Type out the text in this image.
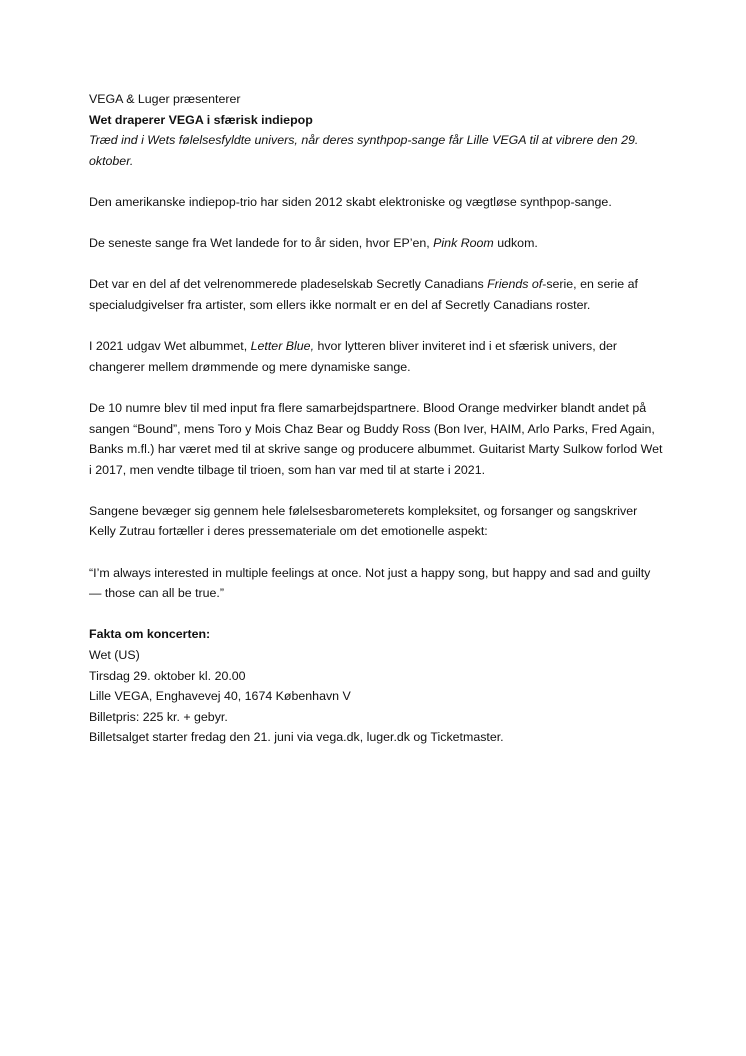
VEGA & Luger præsenterer

Wet draperer VEGA i sfærisk indiepop

Træd ind i Wets følelsesfyldte univers, når deres synthpop-sange får Lille VEGA til at vibrere den 29. oktober.

Den amerikanske indiepop-trio har siden 2012 skabt elektroniske og vægtløse synthpop-sange.

De seneste sange fra Wet landede for to år siden, hvor EP’en, Pink Room udkom.

Det var en del af det velrenommerede pladeselskab Secretly Canadians Friends of-serie, en serie af specialudgivelser fra artister, som ellers ikke normalt er en del af Secretly Canadians roster.

I 2021 udgav Wet albummet, Letter Blue, hvor lytteren bliver inviteret ind i et sfærisk univers, der changerer mellem drømmende og mere dynamiske sange.

De 10 numre blev til med input fra flere samarbejdspartnere. Blood Orange medvirker blandt andet på sangen “Bound”, mens Toro y Mois Chaz Bear og Buddy Ross (Bon Iver, HAIM, Arlo Parks, Fred Again, Banks m.fl.) har været med til at skrive sange og producere albummet. Guitarist Marty Sulkow forlod Wet i 2017, men vendte tilbage til trioen, som han var med til at starte i 2021.

Sangene bevæger sig gennem hele følelsesbarometerets kompleksitet, og forsanger og sangskriver Kelly Zutrau fortæller i deres pressemateriale om det emotionelle aspekt:

“I’m always interested in multiple feelings at once. Not just a happy song, but happy and sad and guilty — those can all be true.”

Fakta om koncerten:

Wet (US)

Tirsdag 29. oktober kl. 20.00

Lille VEGA, Enghavevej 40, 1674 København V

Billetpris: 225 kr. + gebyr.

Billetsalget starter fredag den 21. juni via vega.dk, luger.dk og Ticketmaster.
